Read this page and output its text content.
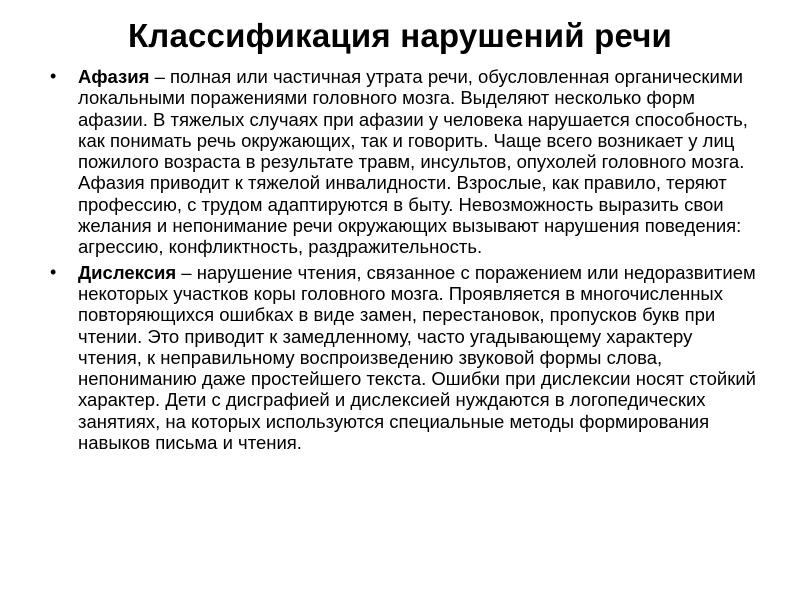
Классификация нарушений речи
• Афазия – полная или частичная утрата речи, обусловленная органическими локальными поражениями головного мозга. Выделяют несколько форм афазии. В тяжелых случаях при афазии у человека нарушается способность, как понимать речь окружающих, так и говорить. Чаще всего возникает у лиц пожилого возраста в результате травм, инсультов, опухолей головного мозга. Афазия приводит к тяжелой инвалидности. Взрослые, как правило, теряют профессию, с трудом адаптируются в быту. Невозможность выразить свои желания и непонимание речи окружающих вызывают нарушения поведения: агрессию, конфликтность, раздражительность.
• Дислексия – нарушение чтения, связанное с поражением или недоразвитием некоторых участков коры головного мозга. Проявляется в многочисленных повторяющихся ошибках в виде замен, перестановок, пропусков букв при чтении. Это приводит к замедленному, часто угадывающему характеру чтения, к неправильному воспроизведению звуковой формы слова, непониманию даже простейшего текста. Ошибки при дислексии носят стойкий характер. Дети с дисграфией и дислексией нуждаются в логопедических занятиях, на которых используются специальные методы формирования навыков письма и чтения.
